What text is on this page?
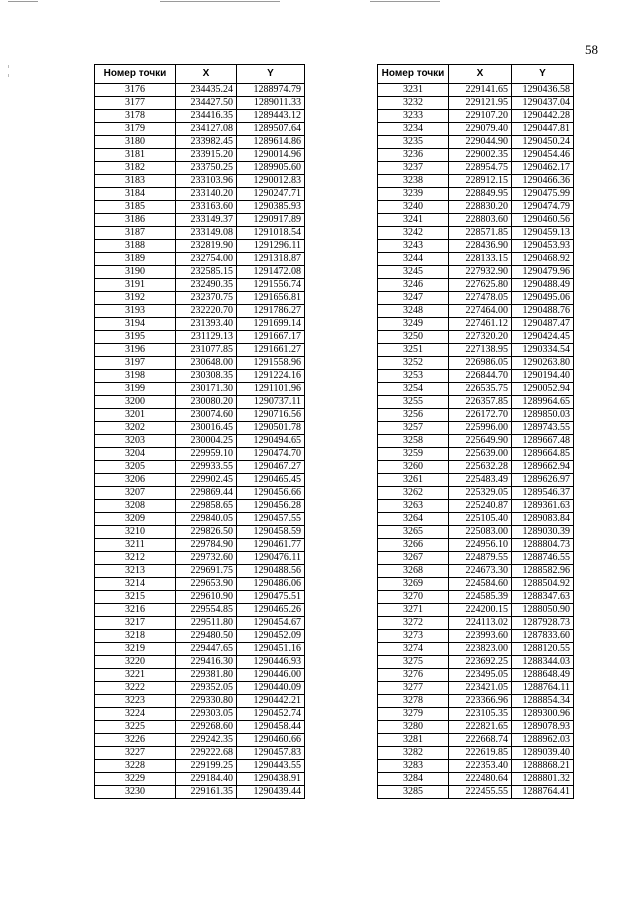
58
Номер точки	X	Y
3176	234435.24	1288974.79
3177	234427.50	1289011.33
3178	234416.35	1289443.12
3179	234127.08	1289507.64
3180	233982.45	1289614.86
3181	233915.20	1290014.96
3182	233750.25	1289905.60
3183	233103.96	1290012.83
3184	233140.20	1290247.71
3185	233163.60	1290385.93
3186	233149.37	1290917.89
3187	233149.08	1291018.54
3188	232819.90	1291296.11
3189	232754.00	1291318.87
3190	232585.15	1291472.08
3191	232490.35	1291556.74
3192	232370.75	1291656.81
3193	232220.70	1291786.27
3194	231393.40	1291699.14
3195	231129.13	1291667.17
3196	231077.85	1291661.27
3197	230648.00	1291558.96
3198	230308.35	1291224.16
3199	230171.30	1291101.96
3200	230080.20	1290737.11
3201	230074.60	1290716.56
3202	230016.45	1290501.78
3203	230004.25	1290494.65
3204	229959.10	1290474.70
3205	229933.55	1290467.27
3206	229902.45	1290465.45
3207	229869.44	1290456.66
3208	229858.65	1290456.28
3209	229840.05	1290457.55
3210	229826.50	1290458.59
3211	229784.90	1290461.77
3212	229732.60	1290476.11
3213	229691.75	1290488.56
3214	229653.90	1290486.06
3215	229610.90	1290475.51
3216	229554.85	1290465.26
3217	229511.80	1290454.67
3218	229480.50	1290452.09
3219	229447.65	1290451.16
3220	229416.30	1290446.93
3221	229381.80	1290446.00
3222	229352.05	1290440.09
3223	229330.80	1290442.21
3224	229303.05	1290452.74
3225	229268.60	1290458.44
3226	229242.35	1290460.66
3227	229222.68	1290457.83
3228	229199.25	1290443.55
3229	229184.40	1290438.91
3230	229161.35	1290439.44
Номер точки	X	Y
3231	229141.65	1290436.58
3232	229121.95	1290437.04
3233	229107.20	1290442.28
3234	229079.40	1290447.81
3235	229044.90	1290450.24
3236	229002.35	1290454.46
3237	228954.75	1290462.17
3238	228912.15	1290466.36
3239	228849.95	1290475.99
3240	228830.20	1290474.79
3241	228803.60	1290460.56
3242	228571.85	1290459.13
3243	228436.90	1290453.93
3244	228133.15	1290468.92
3245	227932.90	1290479.96
3246	227625.80	1290488.49
3247	227478.05	1290495.06
3248	227464.00	1290488.76
3249	227461.12	1290487.47
3250	227320.20	1290424.45
3251	227138.95	1290334.54
3252	226986.05	1290263.80
3253	226844.70	1290194.40
3254	226535.75	1290052.94
3255	226357.85	1289964.65
3256	226172.70	1289850.03
3257	225996.00	1289743.55
3258	225649.90	1289667.48
3259	225639.00	1289664.85
3260	225632.28	1289662.94
3261	225483.49	1289626.97
3262	225329.05	1289546.37
3263	225240.87	1289361.63
3264	225105.40	1289083.84
3265	225083.00	1289030.39
3266	224956.10	1288804.73
3267	224879.55	1288746.55
3268	224673.30	1288582.96
3269	224584.60	1288504.92
3270	224585.39	1288347.63
3271	224200.15	1288050.90
3272	224113.02	1287928.73
3273	223993.60	1287833.60
3274	223823.00	1288120.55
3275	223692.25	1288344.03
3276	223495.05	1288648.49
3277	223421.05	1288764.11
3278	223366.96	1288854.34
3279	223105.35	1289300.96
3280	222821.65	1289078.93
3281	222668.74	1288962.03
3282	222619.85	1289039.40
3283	222353.40	1288868.21
3284	222480.64	1288801.32
3285	222455.55	1288764.41
